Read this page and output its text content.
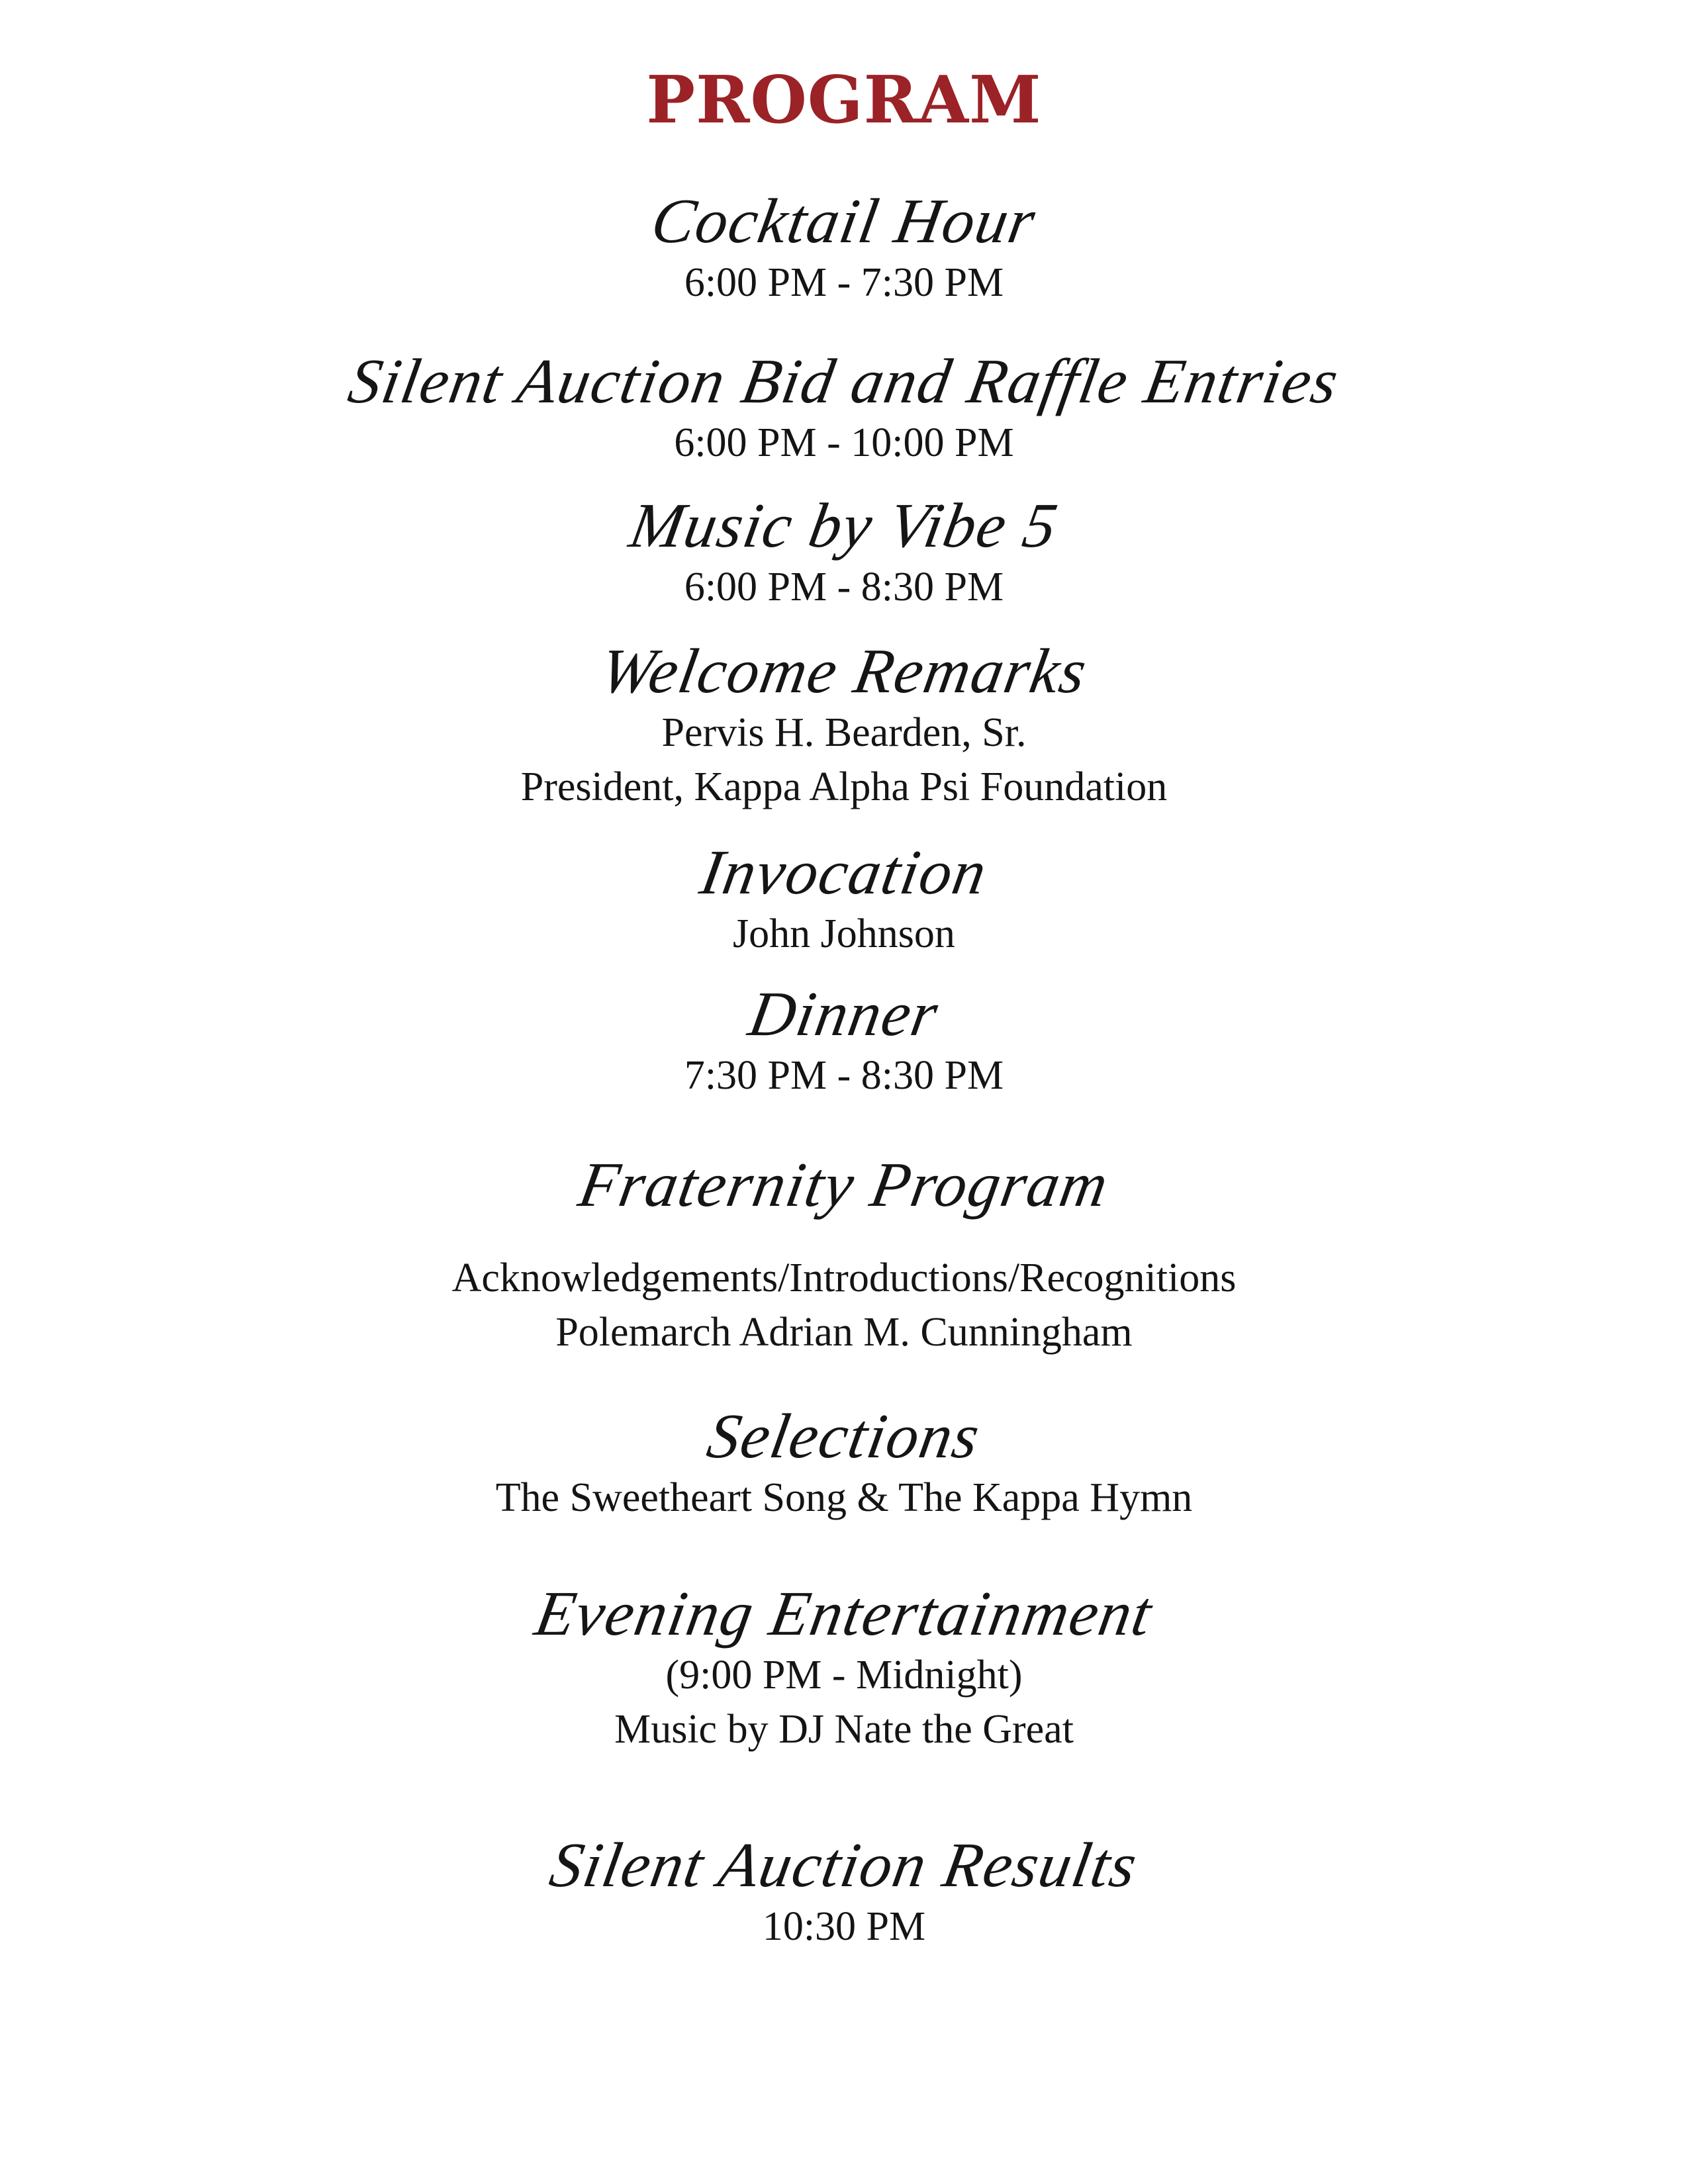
PROGRAM
Cocktail Hour
6:00 PM - 7:30 PM
Silent Auction Bid and Raffle Entries
6:00 PM - 10:00 PM
Music by Vibe 5
6:00 PM - 8:30 PM
Welcome Remarks
Pervis H. Bearden, Sr.
President, Kappa Alpha Psi Foundation
Invocation
John Johnson
Dinner
7:30 PM - 8:30 PM
Fraternity Program
Acknowledgements/Introductions/Recognitions
Polemarch Adrian M. Cunningham
Selections
The Sweetheart Song & The Kappa Hymn
Evening Entertainment
(9:00 PM - Midnight)
Music by DJ Nate the Great
Silent Auction Results
10:30 PM
